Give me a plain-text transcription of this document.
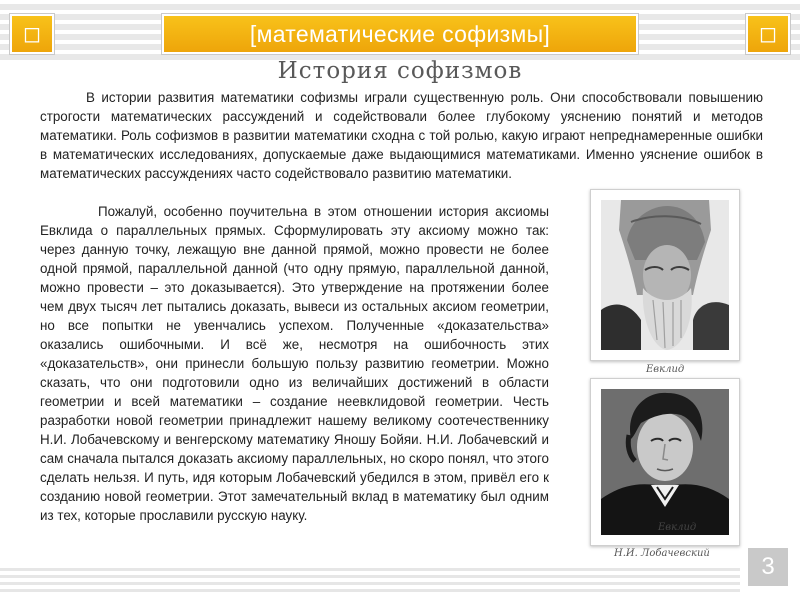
◻	[математические софизмы]	◻
История софизмов

В истории развития математики софизмы играли существенную роль. Они способствовали повышению строгости математических рассуждений и содействовали более глубокому уяснению понятий и методов математики. Роль софизмов в развитии математики сходна с той ролью, какую играют непреднамеренные ошибки в математических исследованиях, допускаемые даже выдающимися математиками. Именно уяснение ошибок в математических рассуждениях часто содействовало развитию математики.

Пожалуй, особенно поучительна в этом отношении история аксиомы Евклида о параллельных прямых. Сформулировать эту аксиому можно так: через данную точку, лежащую вне данной прямой, можно провести не более одной прямой, параллельной данной (что одну прямую, параллельной данной, можно провести – это доказывается). Это утверждение на протяжении более чем двух тысяч лет пытались доказать, вывеси из остальных аксиом геометрии, но все попытки не увенчались успехом. Полученные «доказательства» оказались ошибочными. И всё же, несмотря на ошибочность этих «доказательств», они принесли большую пользу развитию геометрии. Можно сказать, что они подготовили одно из величайших достижений в области геометрии и всей математики – создание неевклидовой геометрии. Честь разработки новой геометрии принадлежит нашему великому соотечественнику Н.И. Лобачевскому и венгерскому математику Яношу Бойяи. Н.И. Лобачевский и сам сначала пытался доказать аксиому параллельных, но скоро понял, что этого сделать нельзя. И путь, идя которым Лобачевский убедился в этом, привёл его к созданию новой геометрии. Этот замечательный вклад в математику был одним из тех, которые прославили русскую науку.

Евклид
Евклид
Н.И. Лобачевский 3
